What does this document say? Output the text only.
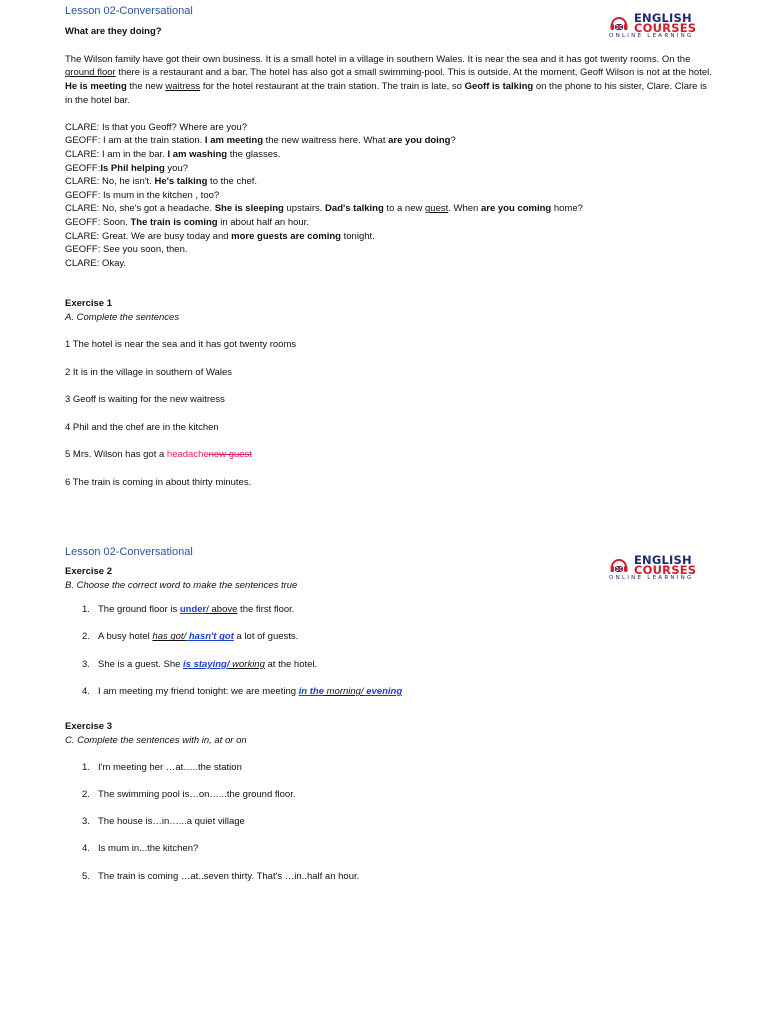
ENGLISH
COURSES
ONLINE LEARNING
ENGLISH
COURSES
ONLINE LEARNING

Lesson 02-Conversational

What are they doing?

The Wilson family have got their own business. It is a small hotel in a village in southern Wales. It is near the sea and it has got twenty rooms. On the ground floor there is a restaurant and a bar. The hotel has also got a small swimming-pool. This is outside. At the moment, Geoff Wilson is not at the hotel. He is meeting the new waitress for the hotel restaurant at the train station. The train is late, so Geoff is talking on the phone to his sister, Clare. Clare is in the hotel bar.

CLARE: Is that you Geoff? Where are you?

GEOFF: I am at the train station. I am meeting the new waitress here. What are you doing?

CLARE: I am in the bar. I am washing the glasses.

GEOFF:Is Phil helping you?

CLARE: No, he isn't. He's talking to the chef.

GEOFF: Is mum in the kitchen , too?

CLARE: No, she's got a headache. She is sleeping upstairs. Dad's talking to a new guest. When are you coming home?

GEOFF: Soon. The train is coming in about half an hour.

CLARE: Great. We are busy today and more guests are coming tonight.

GEOFF: See you soon, then.

CLARE: Okay.

Exercise 1

A. Complete the sentences

1 The hotel is near the sea and it has got twenty rooms

2 It is in the village in southern of Wales

3 Geoff is waiting for the new waitress

4 Phil and the chef are in the kitchen

5 Mrs. Wilson has got a headachenew guest

6 The train is coming in about thirty minutes.

Lesson 02-Conversational

Exercise 2

B. Choose the correct word to make the sentences true

1. The ground floor is under/ above the first floor.
2. A busy hotel has got/ hasn't got a lot of guests.
3. She is a guest. She is staying/ working at the hotel.
4. I am meeting my friend tonight: we are meeting in the morning/ evening

Exercise 3

C. Complete the sentences with in, at or on

1. I'm meeting her …at…..the station
2. The swimming pool is…on…...the ground floor.
3. The house is…in…...a quiet village
4. Is mum in...the kitchen?
5. The train is coming …at..seven thirty. That's …in..half an hour.
